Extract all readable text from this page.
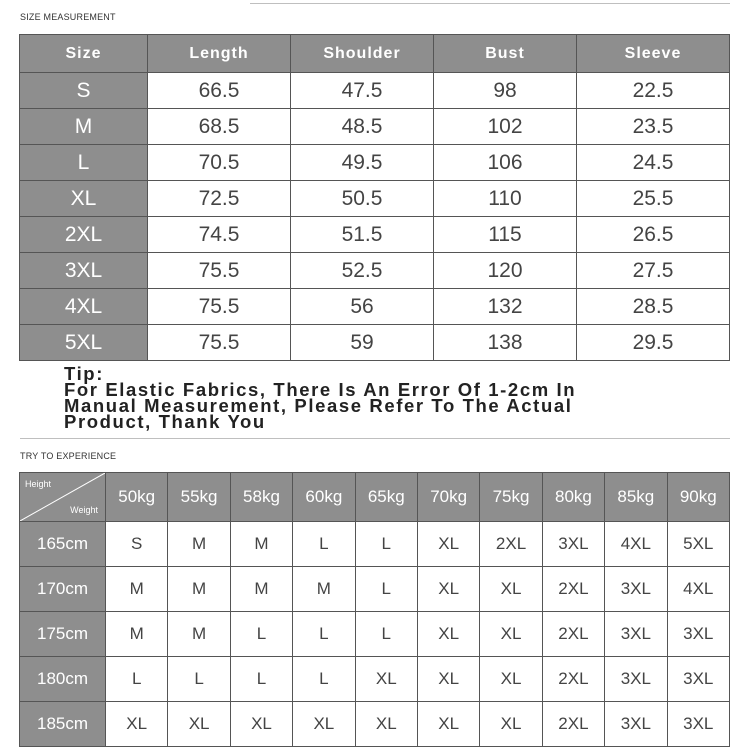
SIZE MEASUREMENT
Size	Length	Shoulder	Bust	Sleeve
S	66.5	47.5	98	22.5
M	68.5	48.5	102	23.5
L	70.5	49.5	106	24.5
XL	72.5	50.5	110	25.5
2XL	74.5	51.5	115	26.5
3XL	75.5	52.5	120	27.5
4XL	75.5	56	132	28.5
5XL	75.5	59	138	29.5
Tip:
For Elastic Fabrics, There Is An Error Of 1-2cm In
Manual Measurement, Please Refer To The Actual
Product, Thank You
TRY TO EXPERIENCE
Height
Weight	50kg	55kg	58kg	60kg	65kg	70kg	75kg	80kg	85kg	90kg
165cm	S	M	M	L	L	XL	2XL	3XL	4XL	5XL
170cm	M	M	M	M	L	XL	XL	2XL	3XL	4XL
175cm	M	M	L	L	L	XL	XL	2XL	3XL	3XL
180cm	L	L	L	L	XL	XL	XL	2XL	3XL	3XL
185cm	XL	XL	XL	XL	XL	XL	XL	2XL	3XL	3XL
